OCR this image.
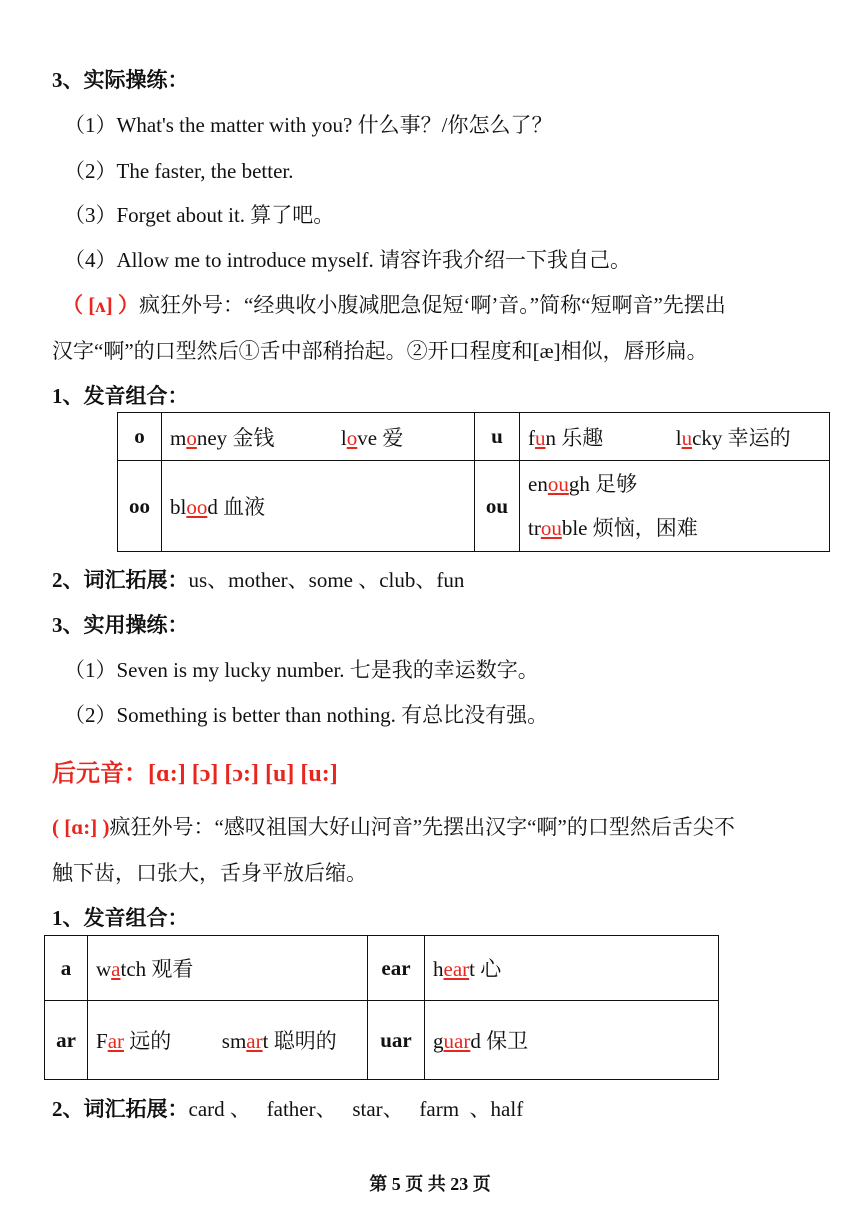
3、实际操练：
（1）What's the matter with you? 什么事？/你怎么了？
（2）The faster, the better.
（3）Forget about it. 算了吧。
（4）Allow me to introduce myself. 请容许我介绍一下我自己。
（ [ʌ] ）疯狂外号：“经典收小腹减肥急促短‘啊’音。”简称“短啊音”先摆出
汉字“啊”的口型然后①舌中部稍抬起。②开口程度和[æ]相似，唇形扁。
1、发音组合：
o	money 金钱 love 爱	u	fun 乐趣 lucky 幸运的
oo	blood 血液	ou	enough 足够
trouble 烦恼，困难
2、词汇拓展：us、mother、some 、club、fun
3、实用操练：
（1）Seven is my lucky number. 七是我的幸运数字。
（2）Something is better than nothing. 有总比没有强。
后元音：[ɑ:] [ɔ] [ɔ:] [u] [u:]
( [ɑ:] )疯狂外号：“感叹祖国大好山河音”先摆出汉字“啊”的口型然后舌尖不
触下齿，口张大，舌身平放后缩。
1、发音组合：
a	watch 观看	ear	heart 心
ar	Far 远的 smart 聪明的	uar	guard 保卫
2、词汇拓展：card 、   father、   star、   farm  、half
第 5 页 共 23 页
